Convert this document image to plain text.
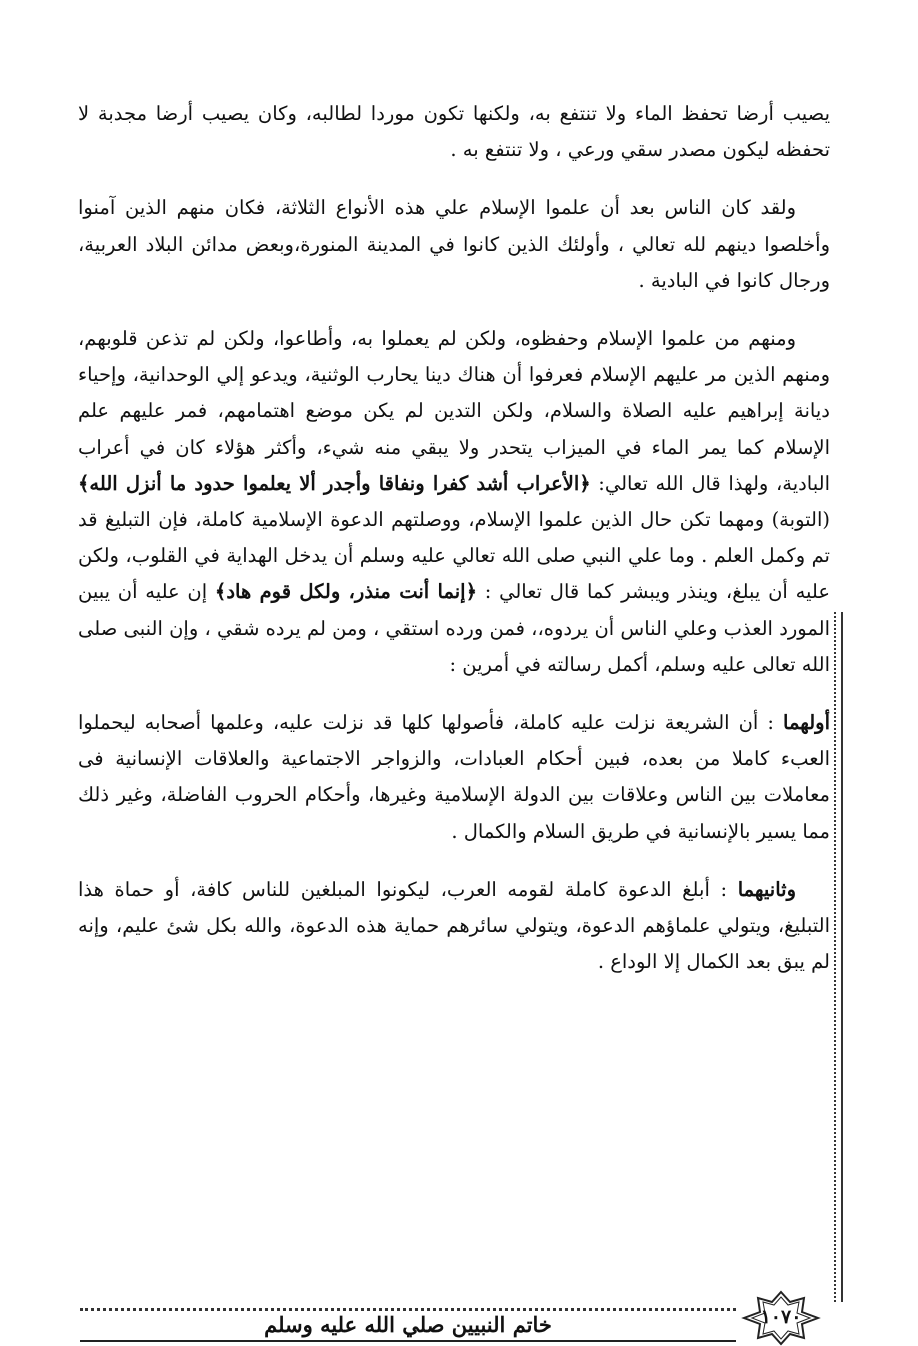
يصيب أرضا تحفظ الماء ولا تنتفع به، ولكنها تكون موردا لطالبه، وكان يصيب أرضا مجدبة لا تحفظه ليكون مصدر سقي ورعي ، ولا تنتفع به .

ولقد كان الناس بعد أن علموا الإسلام علي هذه الأنواع الثلاثة، فكان منهم الذين آمنوا وأخلصوا دينهم لله تعالي ، وأولئك الذين كانوا في المدينة المنورة،وبعض مدائن البلاد العربية، ورجال كانوا في البادية .

ومنهم من علموا الإسلام وحفظوه، ولكن لم يعملوا به، وأطاعوا، ولكن لم تذعن قلوبهم، ومنهم الذين مر عليهم الإسلام فعرفوا أن هناك دينا يحارب الوثنية، ويدعو إلي الوحدانية، وإحياء ديانة إبراهيم عليه الصلاة والسلام، ولكن التدين لم يكن موضع اهتمامهم، فمر عليهم علم الإسلام كما يمر الماء في الميزاب يتحدر ولا يبقي منه شيء، وأكثر هؤلاء كان في أعراب البادية، ولهذا قال الله تعالي: ﴿الأعراب أشد كفرا ونفاقا وأجدر ألا يعلموا حدود ما أنزل الله﴾ (التوبة) ومهما تكن حال الذين علموا الإسلام، ووصلتهم الدعوة الإسلامية كاملة، فإن التبليغ قد تم وكمل العلم . وما علي النبي صلى الله تعالي عليه وسلم أن يدخل الهداية في القلوب، ولكن عليه أن يبلغ، وينذر ويبشر كما قال تعالي : ﴿إنما أنت منذر، ولكل قوم هاد﴾ إن عليه أن يبين المورد العذب وعلي الناس أن يردوه،، فمن ورده استقي ، ومن لم يرده شقي ، وإن النبى صلى الله تعالى عليه وسلم، أكمل رسالته في أمرين :

أولهما : أن الشريعة نزلت عليه كاملة، فأصولها كلها قد نزلت عليه، وعلمها أصحابه ليحملوا العبء كاملا من بعده، فبين أحكام العبادات، والزواجر الاجتماعية والعلاقات الإنسانية فى معاملات بين الناس وعلاقات بين الدولة الإسلامية وغيرها، وأحكام الحروب الفاضلة، وغير ذلك مما يسير بالإنسانية في طريق السلام والكمال .

وثانيهما : أبلغ الدعوة كاملة لقومه العرب، ليكونوا المبلغين للناس كافة، أو حماة هذا التبليغ، ويتولي علماؤهم الدعوة، ويتولي سائرهم حماية هذه الدعوة، والله بكل شئ عليم، وإنه لم يبق بعد الكمال إلا الوداع .

خاتم النبيين صلي الله عليه وسلم	١٠٧٠
